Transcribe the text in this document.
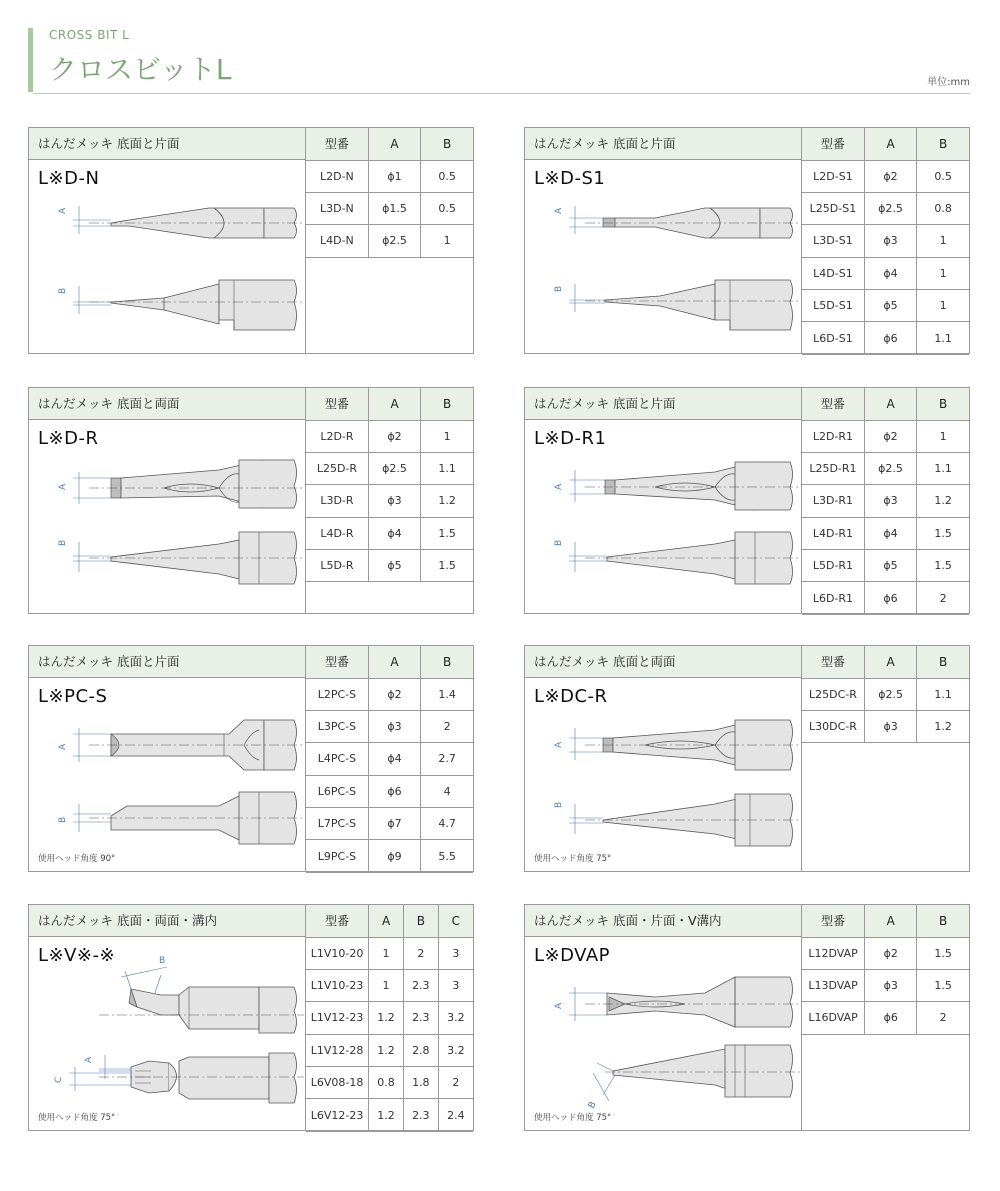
CROSS BIT L
クロスビットL	単位:mm
はんだメッキ 底面と片面
L※D-N
A
B
型番	A	B
L2D-N	ϕ1	0.5
L3D-N	ϕ1.5	0.5
L4D-N	ϕ2.5	1
はんだメッキ 底面と片面
L※D-S1
A
B
型番	A	B
L2D-S1	ϕ2	0.5
L25D-S1	ϕ2.5	0.8
L3D-S1	ϕ3	1
L4D-S1	ϕ4	1
L5D-S1	ϕ5	1
L6D-S1	ϕ6	1.1
はんだメッキ 底面と両面
L※D-R
A
B
型番	A	B
L2D-R	ϕ2	1
L25D-R	ϕ2.5	1.1
L3D-R	ϕ3	1.2
L4D-R	ϕ4	1.5
L5D-R	ϕ5	1.5
はんだメッキ 底面と片面
L※D-R1
A
B
型番	A	B
L2D-R1	ϕ2	1
L25D-R1	ϕ2.5	1.1
L3D-R1	ϕ3	1.2
L4D-R1	ϕ4	1.5
L5D-R1	ϕ5	1.5
L6D-R1	ϕ6	2
はんだメッキ 底面と片面
L※PC-S
A
B
使用ヘッド角度 90°
型番	A	B
L2PC-S	ϕ2	1.4
L3PC-S	ϕ3	2
L4PC-S	ϕ4	2.7
L6PC-S	ϕ6	4
L7PC-S	ϕ7	4.7
L9PC-S	ϕ9	5.5
はんだメッキ 底面と両面
L※DC-R
A
B
使用ヘッド角度 75°
型番	A	B
L25DC-R	ϕ2.5	1.1
L30DC-R	ϕ3	1.2
はんだメッキ 底面・両面・溝内
L※V※-※	B
A
C
使用ヘッド角度 75°
型番	A	B	C
L1V10-20	1	2	3
L1V10-23	1	2.3	3
L1V12-23	1.2	2.3	3.2
L1V12-28	1.2	2.8	3.2
L6V08-18	0.8	1.8	2
L6V12-23	1.2	2.3	2.4
はんだメッキ 底面・片面・V溝内
L※DVAP
A
B
使用ヘッド角度 75°
型番	A	B
L12DVAP	ϕ2	1.5
L13DVAP	ϕ3	1.5
L16DVAP	ϕ6	2
